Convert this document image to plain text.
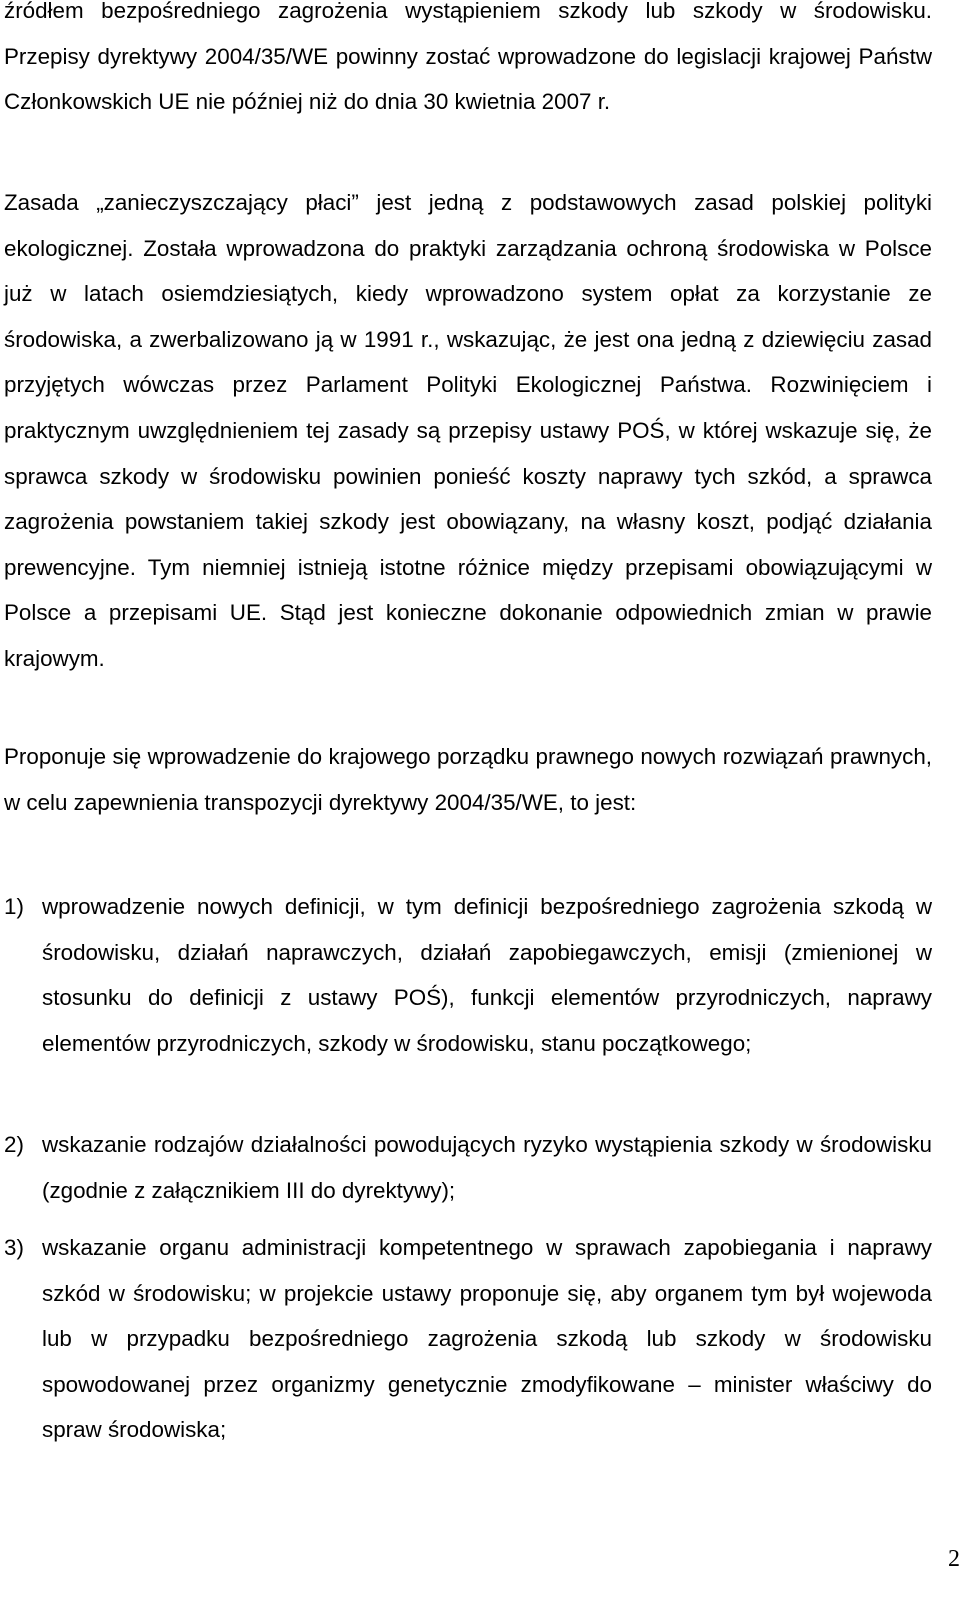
źródłem bezpośredniego zagrożenia wystąpieniem szkody lub szkody w środowisku. Przepisy dyrektywy 2004/35/WE powinny zostać wprowadzone do legislacji krajowej Państw Członkowskich UE nie później niż do dnia 30 kwietnia 2007 r.

Zasada „zanieczyszczający płaci” jest jedną z podstawowych zasad polskiej polityki ekologicznej. Została wprowadzona do praktyki zarządzania ochroną środowiska w Polsce już w latach osiemdziesiątych, kiedy wprowadzono system opłat za korzystanie ze środowiska, a zwerbalizowano ją w 1991 r., wskazując, że jest ona jedną z dziewięciu zasad przyjętych wówczas przez Parlament Polityki Ekologicznej Państwa. Rozwinięciem i praktycznym uwzględnieniem tej zasady są przepisy ustawy POŚ, w której wskazuje się, że sprawca szkody w środowisku powinien ponieść koszty naprawy tych szkód, a sprawca zagrożenia powstaniem takiej szkody jest obowiązany, na własny koszt, podjąć działania prewencyjne. Tym niemniej istnieją istotne różnice między przepisami obowiązującymi w Polsce a przepisami UE. Stąd jest konieczne dokonanie odpowiednich zmian w prawie krajowym.

Proponuje się wprowadzenie do krajowego porządku prawnego nowych rozwiązań prawnych, w celu zapewnienia transpozycji dyrektywy 2004/35/WE, to jest:

1) wprowadzenie nowych definicji, w tym definicji bezpośredniego zagrożenia szkodą w środowisku, działań naprawczych, działań zapobiegawczych, emisji (zmienionej w stosunku do definicji z ustawy POŚ), funkcji elementów przyrodniczych, naprawy elementów przyrodniczych, szkody w środowisku, stanu początkowego;
2) wskazanie rodzajów działalności powodujących ryzyko wystąpienia szkody w środowisku (zgodnie z załącznikiem III do dyrektywy);
3) wskazanie organu administracji kompetentnego w sprawach zapobiegania i naprawy szkód w środowisku; w projekcie ustawy proponuje się, aby organem tym był wojewoda lub w przypadku bezpośredniego zagrożenia szkodą lub szkody w środowisku spowodowanej przez organizmy genetycznie zmodyfikowane – minister właściwy do spraw środowiska;
2
